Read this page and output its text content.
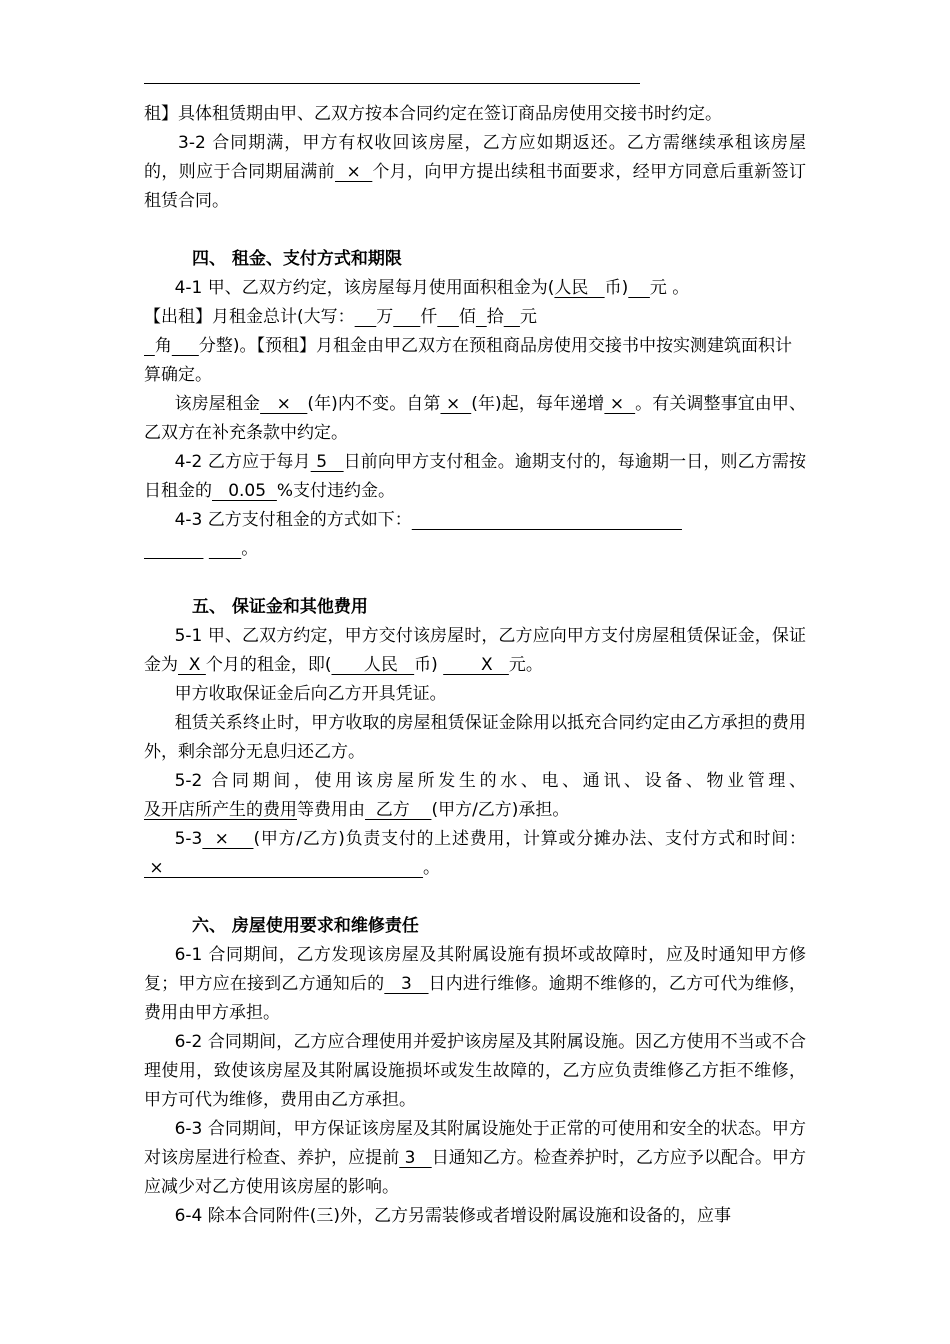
租】具体租赁期由甲、乙双方按本合同约定在签订商品房使用交接书时约定。

3-2 合同期满，甲方有权收回该房屋，乙方应如期返还。乙方需继续承租该房屋的，则应于合同期届满前  ×  个月，向甲方提出续租书面要求，经甲方同意后重新签订租赁合同。

四、 租金、支付方式和期限

4-1 甲、乙双方约定，该房屋每月使用面积租金为(人民   币) 元 。
【出租】月租金总计(大写： 万 仟 佰 拾 元
角 分整)。【预租】月租金由甲乙双方在预租商品房使用交接书中按实测建筑面积计算确定。

该房屋租金   ×   (年)内不变。自第 ×  (年)起，每年递增 ×  。有关调整事宜由甲、乙双方在补充条款中约定。

4-2 乙方应于每月 5   日前向甲方支付租金。逾期支付的，每逾期一日，则乙方需按日租金的   0.05  %支付违约金。

4-3 乙方支付租金的方式如下：
。

五、 保证金和其他费用

5-1 甲、乙双方约定，甲方交付该房屋时，乙方应向甲方支付房屋租赁保证金，保证金为  X 个月的租金，即(      人民   币)        X   元。

甲方收取保证金后向乙方开具凭证。

租赁关系终止时，甲方收取的房屋租赁保证金除用以抵充合同约定由乙方承担的费用外，剩余部分无息归还乙方。

5-2 合同期间，使用该房屋所发生的水、电、通讯、设备、物业管理、及开店所产生的费用等费用由  乙方    (甲方/乙方)承担。

5-3  ×    (甲方/乙方)负责支付的上述费用，计算或分摊办法、支付方式和时间： ×                                                。

六、 房屋使用要求和维修责任

6-1 合同期间，乙方发现该房屋及其附属设施有损坏或故障时，应及时通知甲方修复；甲方应在接到乙方通知后的   3   日内进行维修。逾期不维修的，乙方可代为维修，费用由甲方承担。

6-2 合同期间，乙方应合理使用并爱护该房屋及其附属设施。因乙方使用不当或不合理使用，致使该房屋及其附属设施损坏或发生故障的，乙方应负责维修乙方拒不维修，甲方可代为维修，费用由乙方承担。

6-3 合同期间，甲方保证该房屋及其附属设施处于正常的可使用和安全的状态。甲方对该房屋进行检查、养护，应提前 3   日通知乙方。检查养护时，乙方应予以配合。甲方应减少对乙方使用该房屋的影响。

6-4 除本合同附件(三)外，乙方另需装修或者增设附属设施和设备的，应事
